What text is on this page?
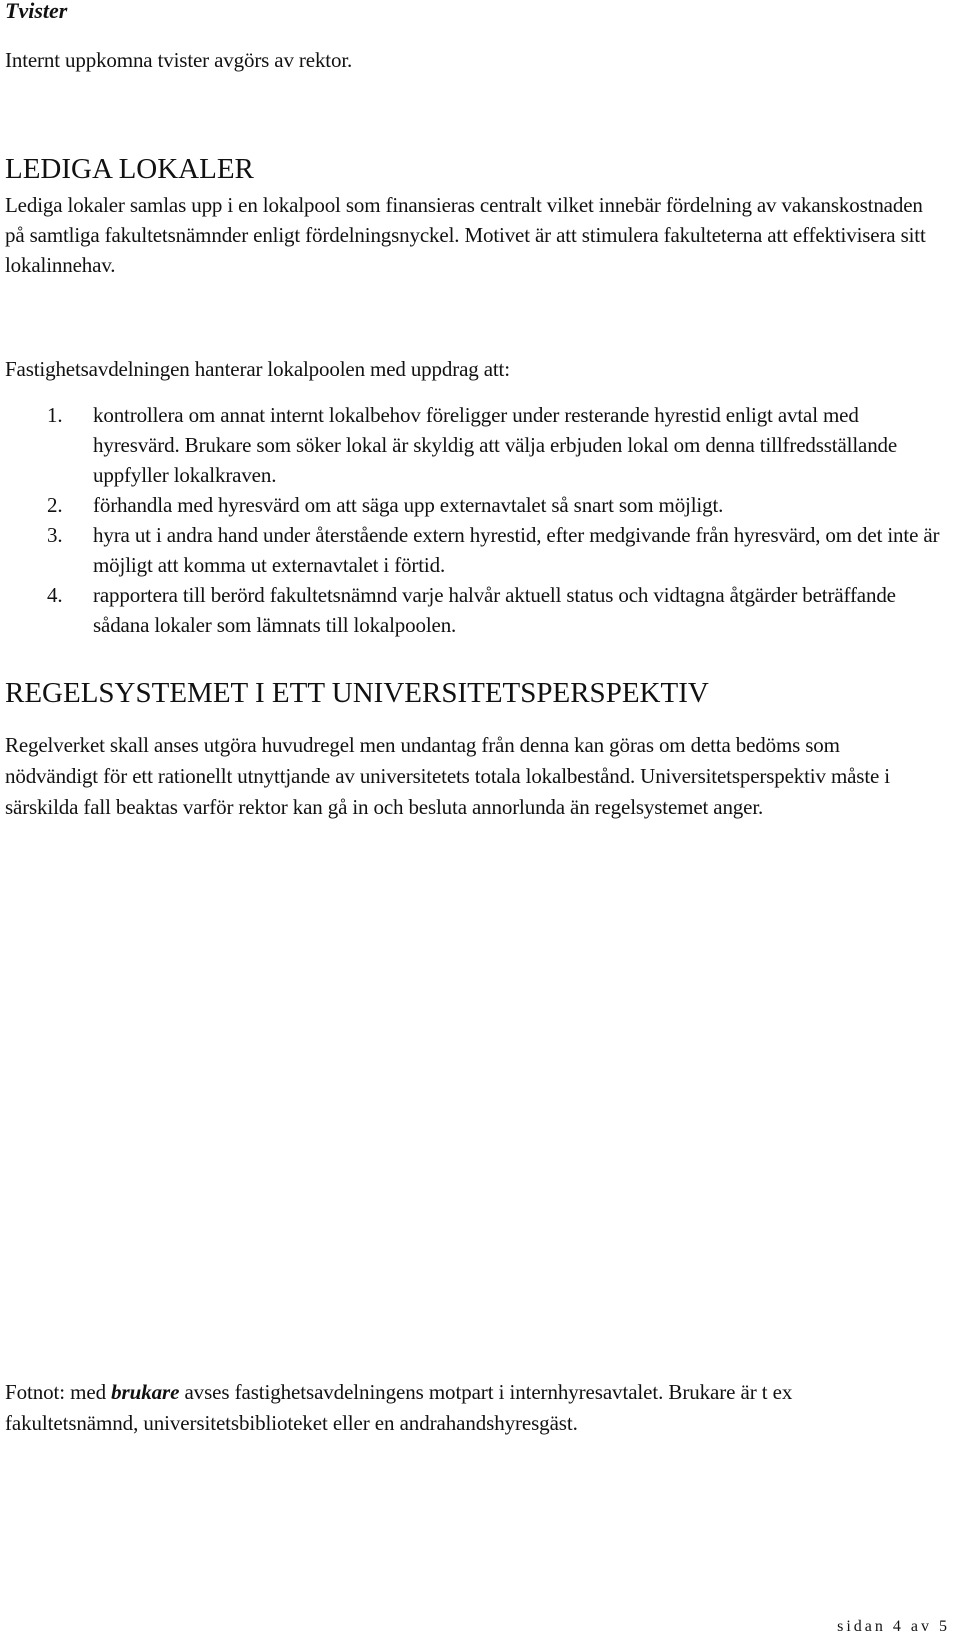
Tvister

Internt uppkomna tvister avgörs av rektor.

LEDIGA LOKALER

Lediga lokaler samlas upp i en lokalpool som finansieras centralt vilket innebär fördelning av vakanskostnaden på samtliga fakultetsnämnder enligt fördelningsnyckel. Motivet är att stimulera fakulteterna att effektivisera sitt lokalinnehav.

Fastighetsavdelningen hanterar lokalpoolen med uppdrag att:

1. kontrollera om annat internt lokalbehov föreligger under resterande hyrestid enligt avtal med hyresvärd. Brukare som söker lokal är skyldig att välja erbjuden lokal om denna tillfredsställande uppfyller lokalkraven.
2. förhandla med hyresvärd om att säga upp externavtalet så snart som möjligt.
3. hyra ut i andra hand under återstående extern hyrestid, efter medgivande från hyresvärd, om det inte är möjligt att komma ut externavtalet i förtid.
4. rapportera till berörd fakultetsnämnd varje halvår aktuell status och vidtagna åtgärder beträffande sådana lokaler som lämnats till lokalpoolen.

REGELSYSTEMET I ETT UNIVERSITETSPERSPEKTIV

Regelverket skall anses utgöra huvudregel men undantag från denna kan göras om detta bedöms som nödvändigt för ett rationellt utnyttjande av universitetets totala lokalbestånd. Universitetsperspektiv måste i särskilda fall beaktas varför rektor kan gå in och besluta annorlunda än regelsystemet anger.

Fotnot: med brukare avses fastighetsavdelningens motpart i internhyresavtalet. Brukare är t ex fakultetsnämnd, universitetsbiblioteket eller en andrahandshyresgäst.

sidan 4 av 5
